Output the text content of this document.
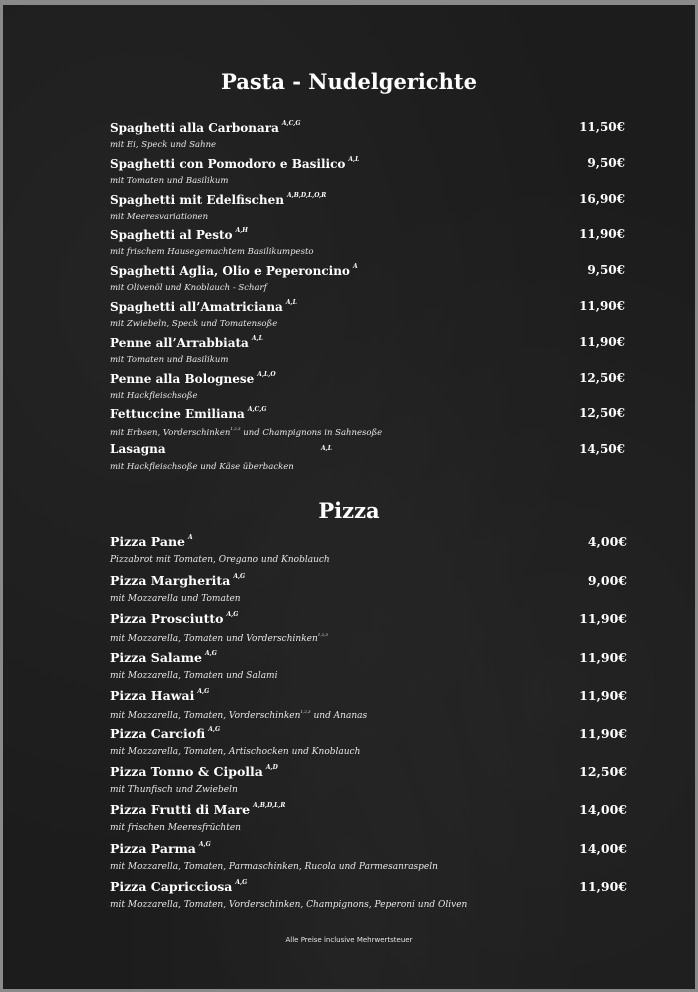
Pasta - Nudelgerichte
Spaghetti alla Carbonara $^{A,C,G}$	11,50€
mit Ei, Speck und Sahne
Spaghetti con Pomodoro e Basilico $^{A,L}$	9,50€
mit Tomaten und Basilikum
Spaghetti mit Edelfischen $^{A,B,D,L,O,R}$	16,90€
mit Meeresvariationen
Spaghetti al Pesto $^{A,H}$	11,90€
mit frischem Hausegemachtem Basilikumpesto
Spaghetti Aglia, Olio e Peperoncino $^A$	9,50€
mit Olivenöl und Knoblauch - Scharf
Spaghetti all’Amatriciana $^{A,L}$	11,90€
mit Zwiebeln, Speck und Tomatensoße
Penne all’Arrabbiata $^{A,L}$	11,90€
mit Tomaten und Basilikum
Penne alla Bolognese $^{A,L,O}$	12,50€
mit Hackfleischsoße
Fettuccine Emiliana $^{A,C,G}$	12,50€
mit Erbsen, Vorderschinken$^{1,2,3}$ und Champignons in Sahnesoße
Lasagna	14,50€
mit Hackfleischsoße und Käse überbacken
A,L
Pizza
Pizza Pane $^A$	4,00€
Pizzabrot mit Tomaten, Oregano und Knoblauch
Pizza Margherita $^{A,G}$	9,00€
mit Mozzarella und Tomaten
Pizza Prosciutto $^{A,G}$	11,90€
mit Mozzarella, Tomaten und Vorderschinken$^{1,2,3}$
Pizza Salame $^{A,G}$	11,90€
mit Mozzarella, Tomaten und Salami
Pizza Hawai $^{A,G}$	11,90€
mit Mozzarella, Tomaten, Vorderschinken$^{1,2,3}$ und Ananas
Pizza Carciofi $^{A,G}$	11,90€
mit Mozzarella, Tomaten, Artischocken und Knoblauch
Pizza Tonno & Cipolla $^{A,D}$	12,50€
mit Thunfisch und Zwiebeln
Pizza Frutti di Mare $^{A,B,D,L,R}$	14,00€
mit frischen Meeresfrüchten
Pizza Parma $^{A,G}$	14,00€
mit Mozzarella, Tomaten, Parmaschinken, Rucola und Parmesanraspeln
Pizza Capricciosa $^{A,G}$	11,90€
mit Mozzarella, Tomaten, Vorderschinken, Champignons, Peperoni und Oliven
Alle Preise inclusive Mehrwertsteuer
